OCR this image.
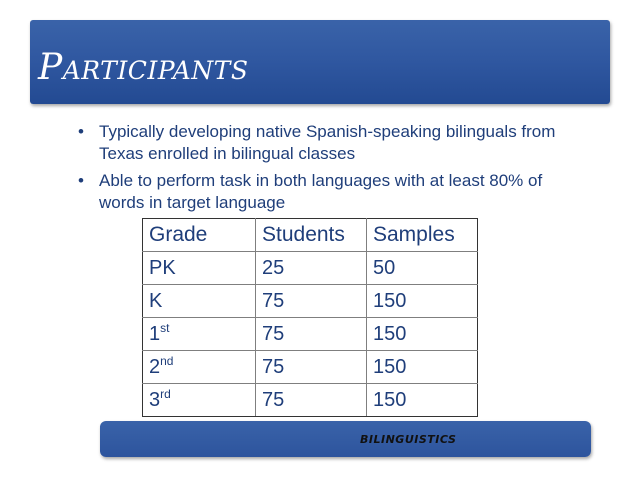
Participants
• Typically developing native Spanish-speaking bilinguals from Texas enrolled in bilingual classes
• Able to perform task in both languages with at least 80% of words in target language
Grade	Students	Samples
PK	25	50
K	75	150
1st	75	150
2nd	75	150
3rd	75	150
bilinguistics
